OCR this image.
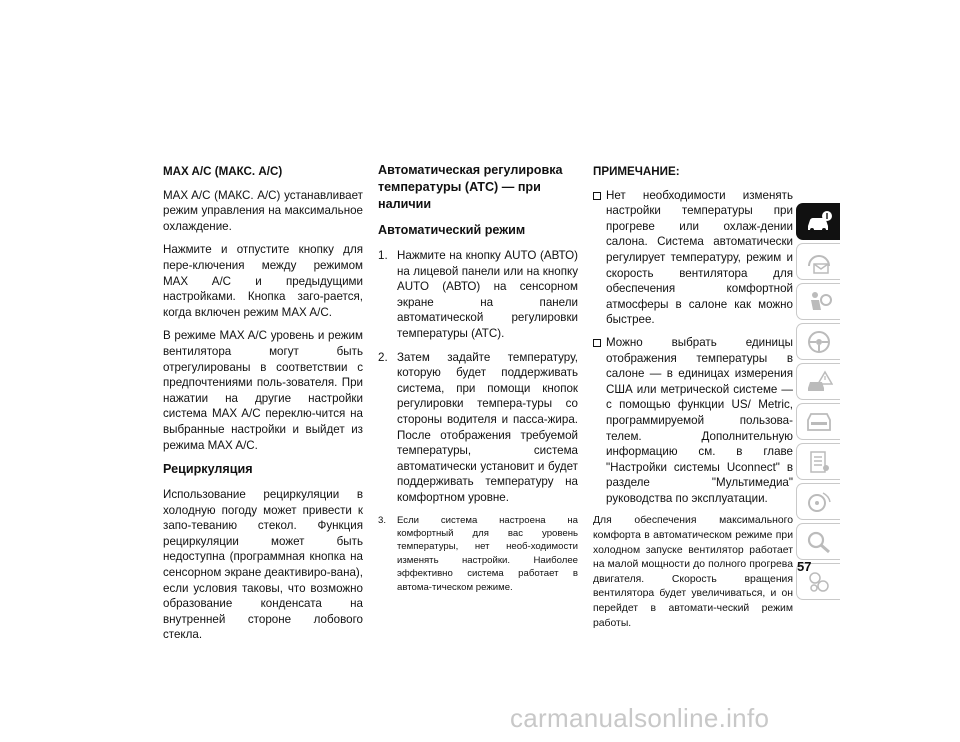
MAX A/C (МАКС. A/C)

MAX A/C (МАКС. A/C) устанавливает режим управления на максимальное охлаждение.

Нажмите и отпустите кнопку для пере-ключения между режимом MAX A/C и предыдущими настройками. Кнопка заго-рается, когда включен режим MAX A/C.

В режиме MAX A/C уровень и режим вентилятора могут быть отрегулированы в соответствии с предпочтениями поль-зователя. При нажатии на другие настройки система MAX A/C переклю-чится на выбранные настройки и выйдет из режима MAX A/C.

Рециркуляция

Использование рециркуляции в холодную погоду может привести к запо-теванию стекол. Функция рециркуляции может быть недоступна (программная кнопка на сенсорном экране деактивиро-вана), если условия таковы, что возможно образование конденсата на внутренней стороне лобового стекла.

Автоматическая регулировка температуры (ATC) — при наличии
Автоматический режим
1. Нажмите на кнопку AUTO (АВТО) на лицевой панели или на кнопку AUTO (АВТО) на сенсорном экране на панели автоматической регулировки температуры (ATC).
2. Затем задайте температуру, которую будет поддерживать система, при помощи кнопок регулировки темпера-туры со стороны водителя и пасса-жира. После отображения требуемой температуры, система автоматически установит и будет поддерживать температуру на комфортном уровне.
3. Если система настроена на комфортный для вас уровень температуры, нет необ-ходимости изменять настройки. Наиболее эффективно система работает в автома-тическом режиме.
ПРИМЕЧАНИЕ:
Нет необходимости изменять настройки температуры при прогреве или охлаж-дении салона. Система автоматически регулирует температуру, режим и скорость вентилятора для обеспечения комфортной атмосферы в салоне как можно быстрее.
Можно выбрать единицы отображения температуры в салоне — в единицах измерения США или метрической системе — с помощью функции US/ Metric, программируемой пользова-телем. Дополнительную информацию см. в главе "Настройки системы Uconnect" в разделе "Мультимедиа" руководства по эксплуатации.

Для обеспечения максимального комфорта в автоматическом режиме при холодном запуске вентилятор работает на малой мощности до полного прогрева двигателя. Скорость вращения вентилятора будет увеличиваться, и он перейдет в автомати-ческий режим работы.

57
carmanualsonline.info
